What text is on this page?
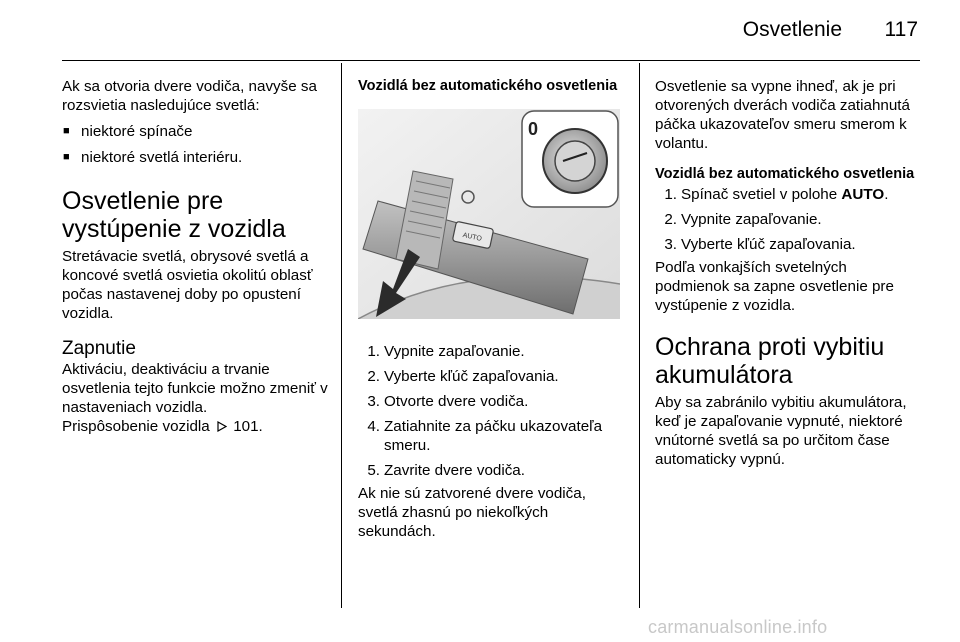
Osvetlenie 117

Ak sa otvoria dvere vodiča, navyše sa rozsvietia nasledujúce svetlá:

■ niektoré spínače
■ niektoré svetlá interiéru.
Osvetlenie pre vystúpenie z vozidla

Stretávacie svetlá, obrysové svetlá a koncové svetlá osvietia okolitú oblasť počas nastavenej doby po opustení vozidla.

Zapnutie

Aktiváciu, deaktiváciu a trvanie osvetlenia tejto funkcie možno zmeniť v nastaveniach vozidla.

Prispôsobenie vozidla 101.

Vozidlá bez automatického osvetlenia
AUTO
0
1. Vypnite zapaľovanie.
2. Vyberte kľúč zapaľovania.
3. Otvorte dvere vodiča.
4. Zatiahnite za páčku ukazovateľa smeru.
5. Zavrite dvere vodiča.

Ak nie sú zatvorené dvere vodiča, svetlá zhasnú po niekoľkých sekundách.

Osvetlenie sa vypne ihneď, ak je pri otvorených dverách vodiča zatiahnutá páčka ukazovateľov smeru smerom k volantu.

Vozidlá bez automatického osvetlenia
1. Spínač svetiel v polohe AUTO.
2. Vypnite zapaľovanie.
3. Vyberte kľúč zapaľovania.

Podľa vonkajších svetelných podmienok sa zapne osvetlenie pre vystúpenie z vozidla.

Ochrana proti vybitiu akumulátora

Aby sa zabránilo vybitiu akumulátora, keď je zapaľovanie vypnuté, niektoré vnútorné svetlá sa po určitom čase automaticky vypnú.

carmanualsonline.info
